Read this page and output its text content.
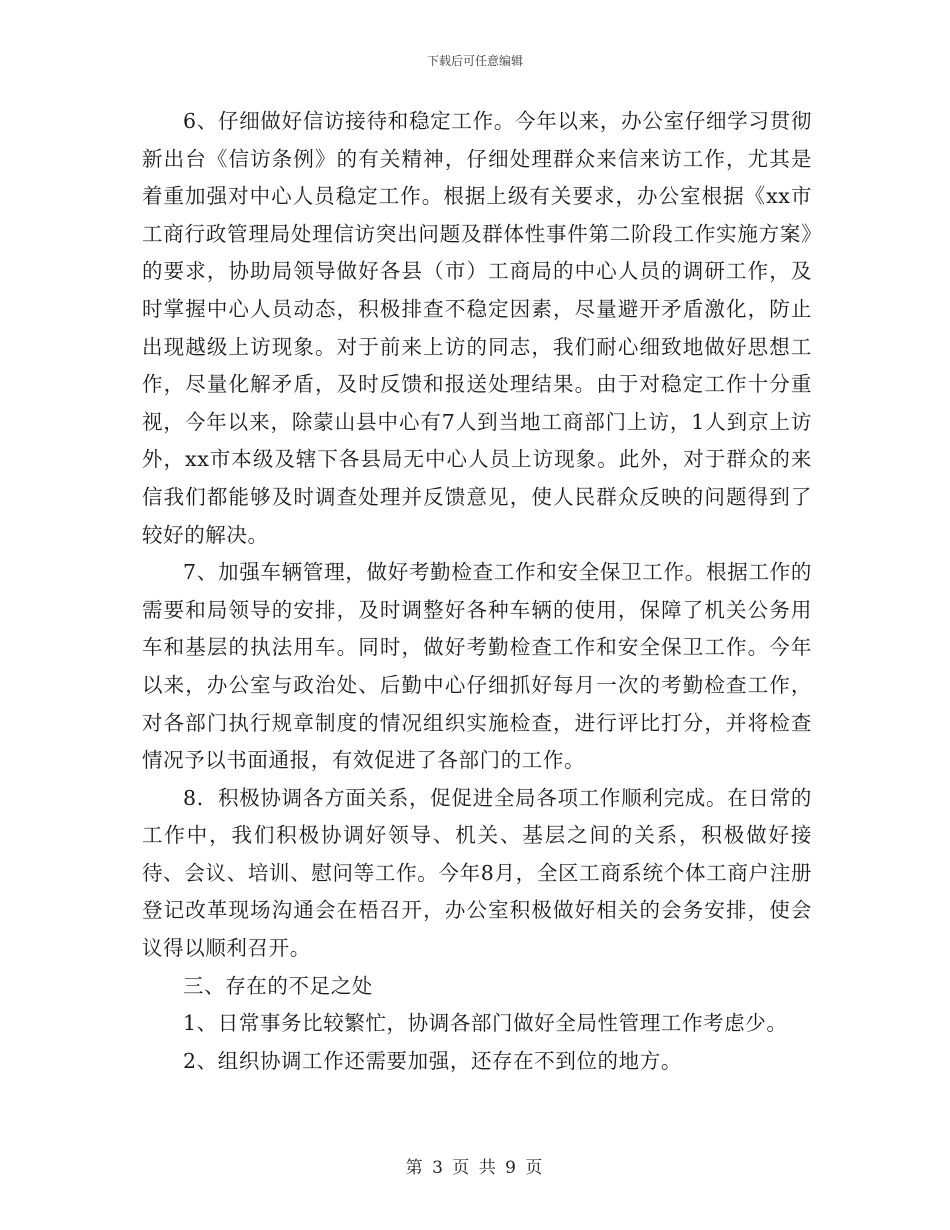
下载后可任意编辑

6、仔细做好信访接待和稳定工作。今年以来，办公室仔细学习贯彻新出台《信访条例》的有关精神，仔细处理群众来信来访工作，尤其是着重加强对中心人员稳定工作。根据上级有关要求，办公室根据《xx市工商行政管理局处理信访突出问题及群体性事件第二阶段工作实施方案》的要求，协助局领导做好各县（市）工商局的中心人员的调研工作，及时掌握中心人员动态，积极排查不稳定因素，尽量避开矛盾激化，防止出现越级上访现象。对于前来上访的同志，我们耐心细致地做好思想工作，尽量化解矛盾，及时反馈和报送处理结果。由于对稳定工作十分重视，今年以来，除蒙山县中心有7人到当地工商部门上访，1人到京上访外，xx市本级及辖下各县局无中心人员上访现象。此外，对于群众的来信我们都能够及时调查处理并反馈意见，使人民群众反映的问题得到了较好的解决。

7、加强车辆管理，做好考勤检查工作和安全保卫工作。根据工作的需要和局领导的安排，及时调整好各种车辆的使用，保障了机关公务用车和基层的执法用车。同时，做好考勤检查工作和安全保卫工作。今年以来，办公室与政治处、后勤中心仔细抓好每月一次的考勤检查工作，对各部门执行规章制度的情况组织实施检查，进行评比打分，并将检查情况予以书面通报，有效促进了各部门的工作。

8．积极协调各方面关系，促促进全局各项工作顺利完成。在日常的工作中，我们积极协调好领导、机关、基层之间的关系，积极做好接待、会议、培训、慰问等工作。今年8月，全区工商系统个体工商户注册登记改革现场沟通会在梧召开，办公室积极做好相关的会务安排，使会议得以顺利召开。

三、存在的不足之处

1、日常事务比较繁忙，协调各部门做好全局性管理工作考虑少。

2、组织协调工作还需要加强，还存在不到位的地方。

第 3 页 共 9 页
